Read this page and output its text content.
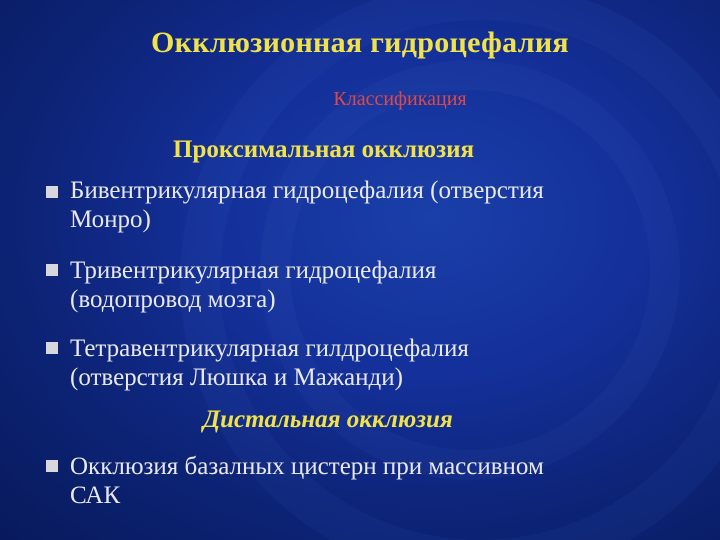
Окклюзионная гидроцефалия
Классификация
Проксимальная окклюзия
Бивентрикулярная гидроцефалия (отверстия
Монро)
Тривентрикулярная гидроцефалия
(водопровод мозга)
Тетравентрикулярная гилдроцефалия
(отверстия Люшка и Мажанди)
Дистальная окклюзия
Окклюзия базалных цистерн при массивном
САК
